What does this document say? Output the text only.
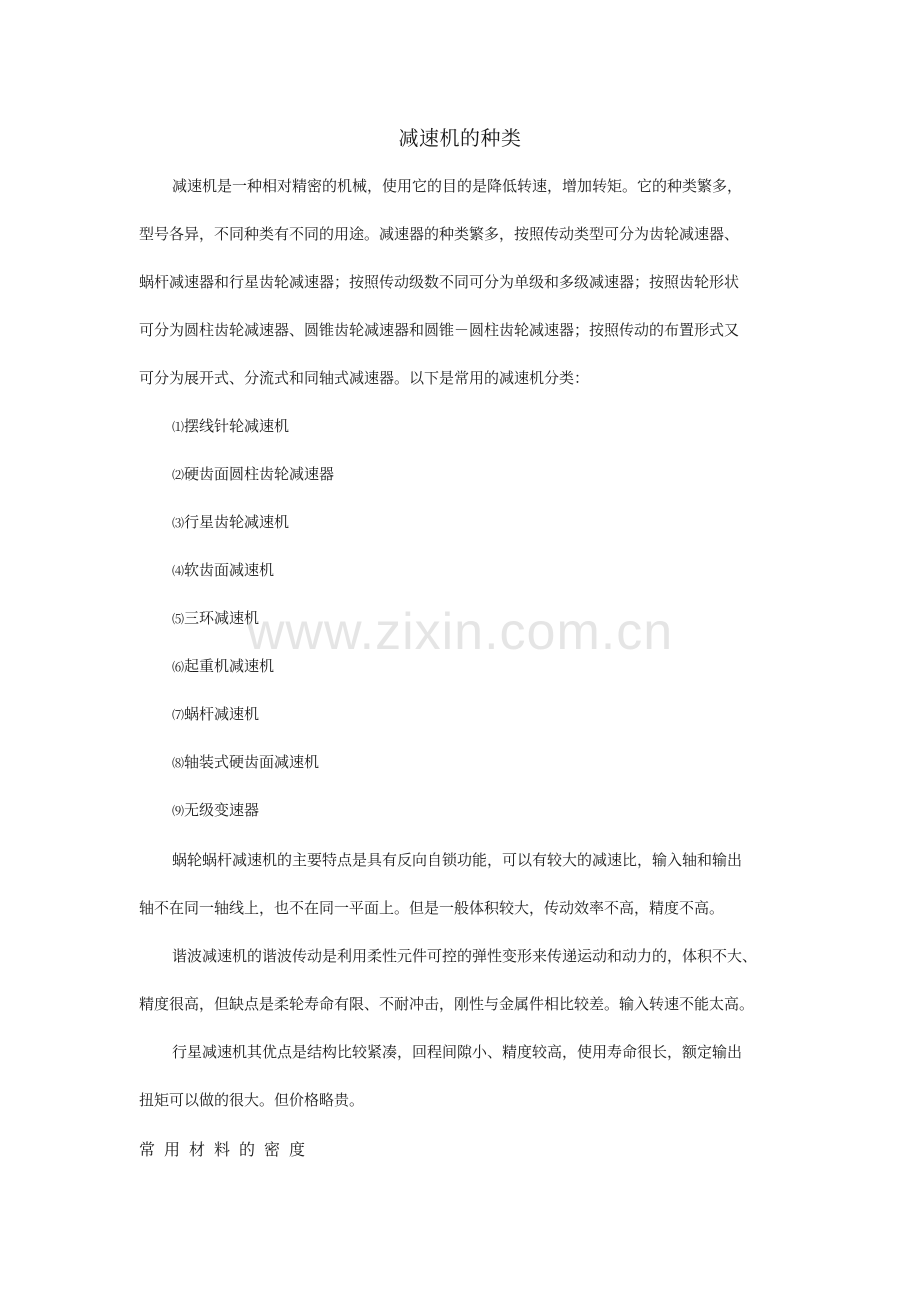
减速机的种类
减速机是一种相对精密的机械，使用它的目的是降低转速，增加转矩。它的种类繁多，
型号各异，不同种类有不同的用途。减速器的种类繁多，按照传动类型可分为齿轮减速器、
蜗杆减速器和行星齿轮减速器；按照传动级数不同可分为单级和多级减速器；按照齿轮形状
可分为圆柱齿轮减速器、圆锥齿轮减速器和圆锥－圆柱齿轮减速器；按照传动的布置形式又
可分为展开式、分流式和同轴式减速器。以下是常用的减速机分类：
⑴摆线针轮减速机
⑵硬齿面圆柱齿轮减速器
⑶行星齿轮减速机
⑷软齿面减速机
⑸三环减速机
⑹起重机减速机
⑺蜗杆减速机
⑻轴装式硬齿面减速机
⑼无级变速器
蜗轮蜗杆减速机的主要特点是具有反向自锁功能，可以有较大的减速比，输入轴和输出
轴不在同一轴线上，也不在同一平面上。但是一般体积较大，传动效率不高，精度不高。
谐波减速机的谐波传动是利用柔性元件可控的弹性变形来传递运动和动力的，体积不大、
精度很高，但缺点是柔轮寿命有限、不耐冲击，刚性与金属件相比较差。输入转速不能太高。
行星减速机其优点是结构比较紧凑，回程间隙小、精度较高，使用寿命很长，额定输出
扭矩可以做的很大。但价格略贵。
常用材料的密度
www.zixin.com.cn
